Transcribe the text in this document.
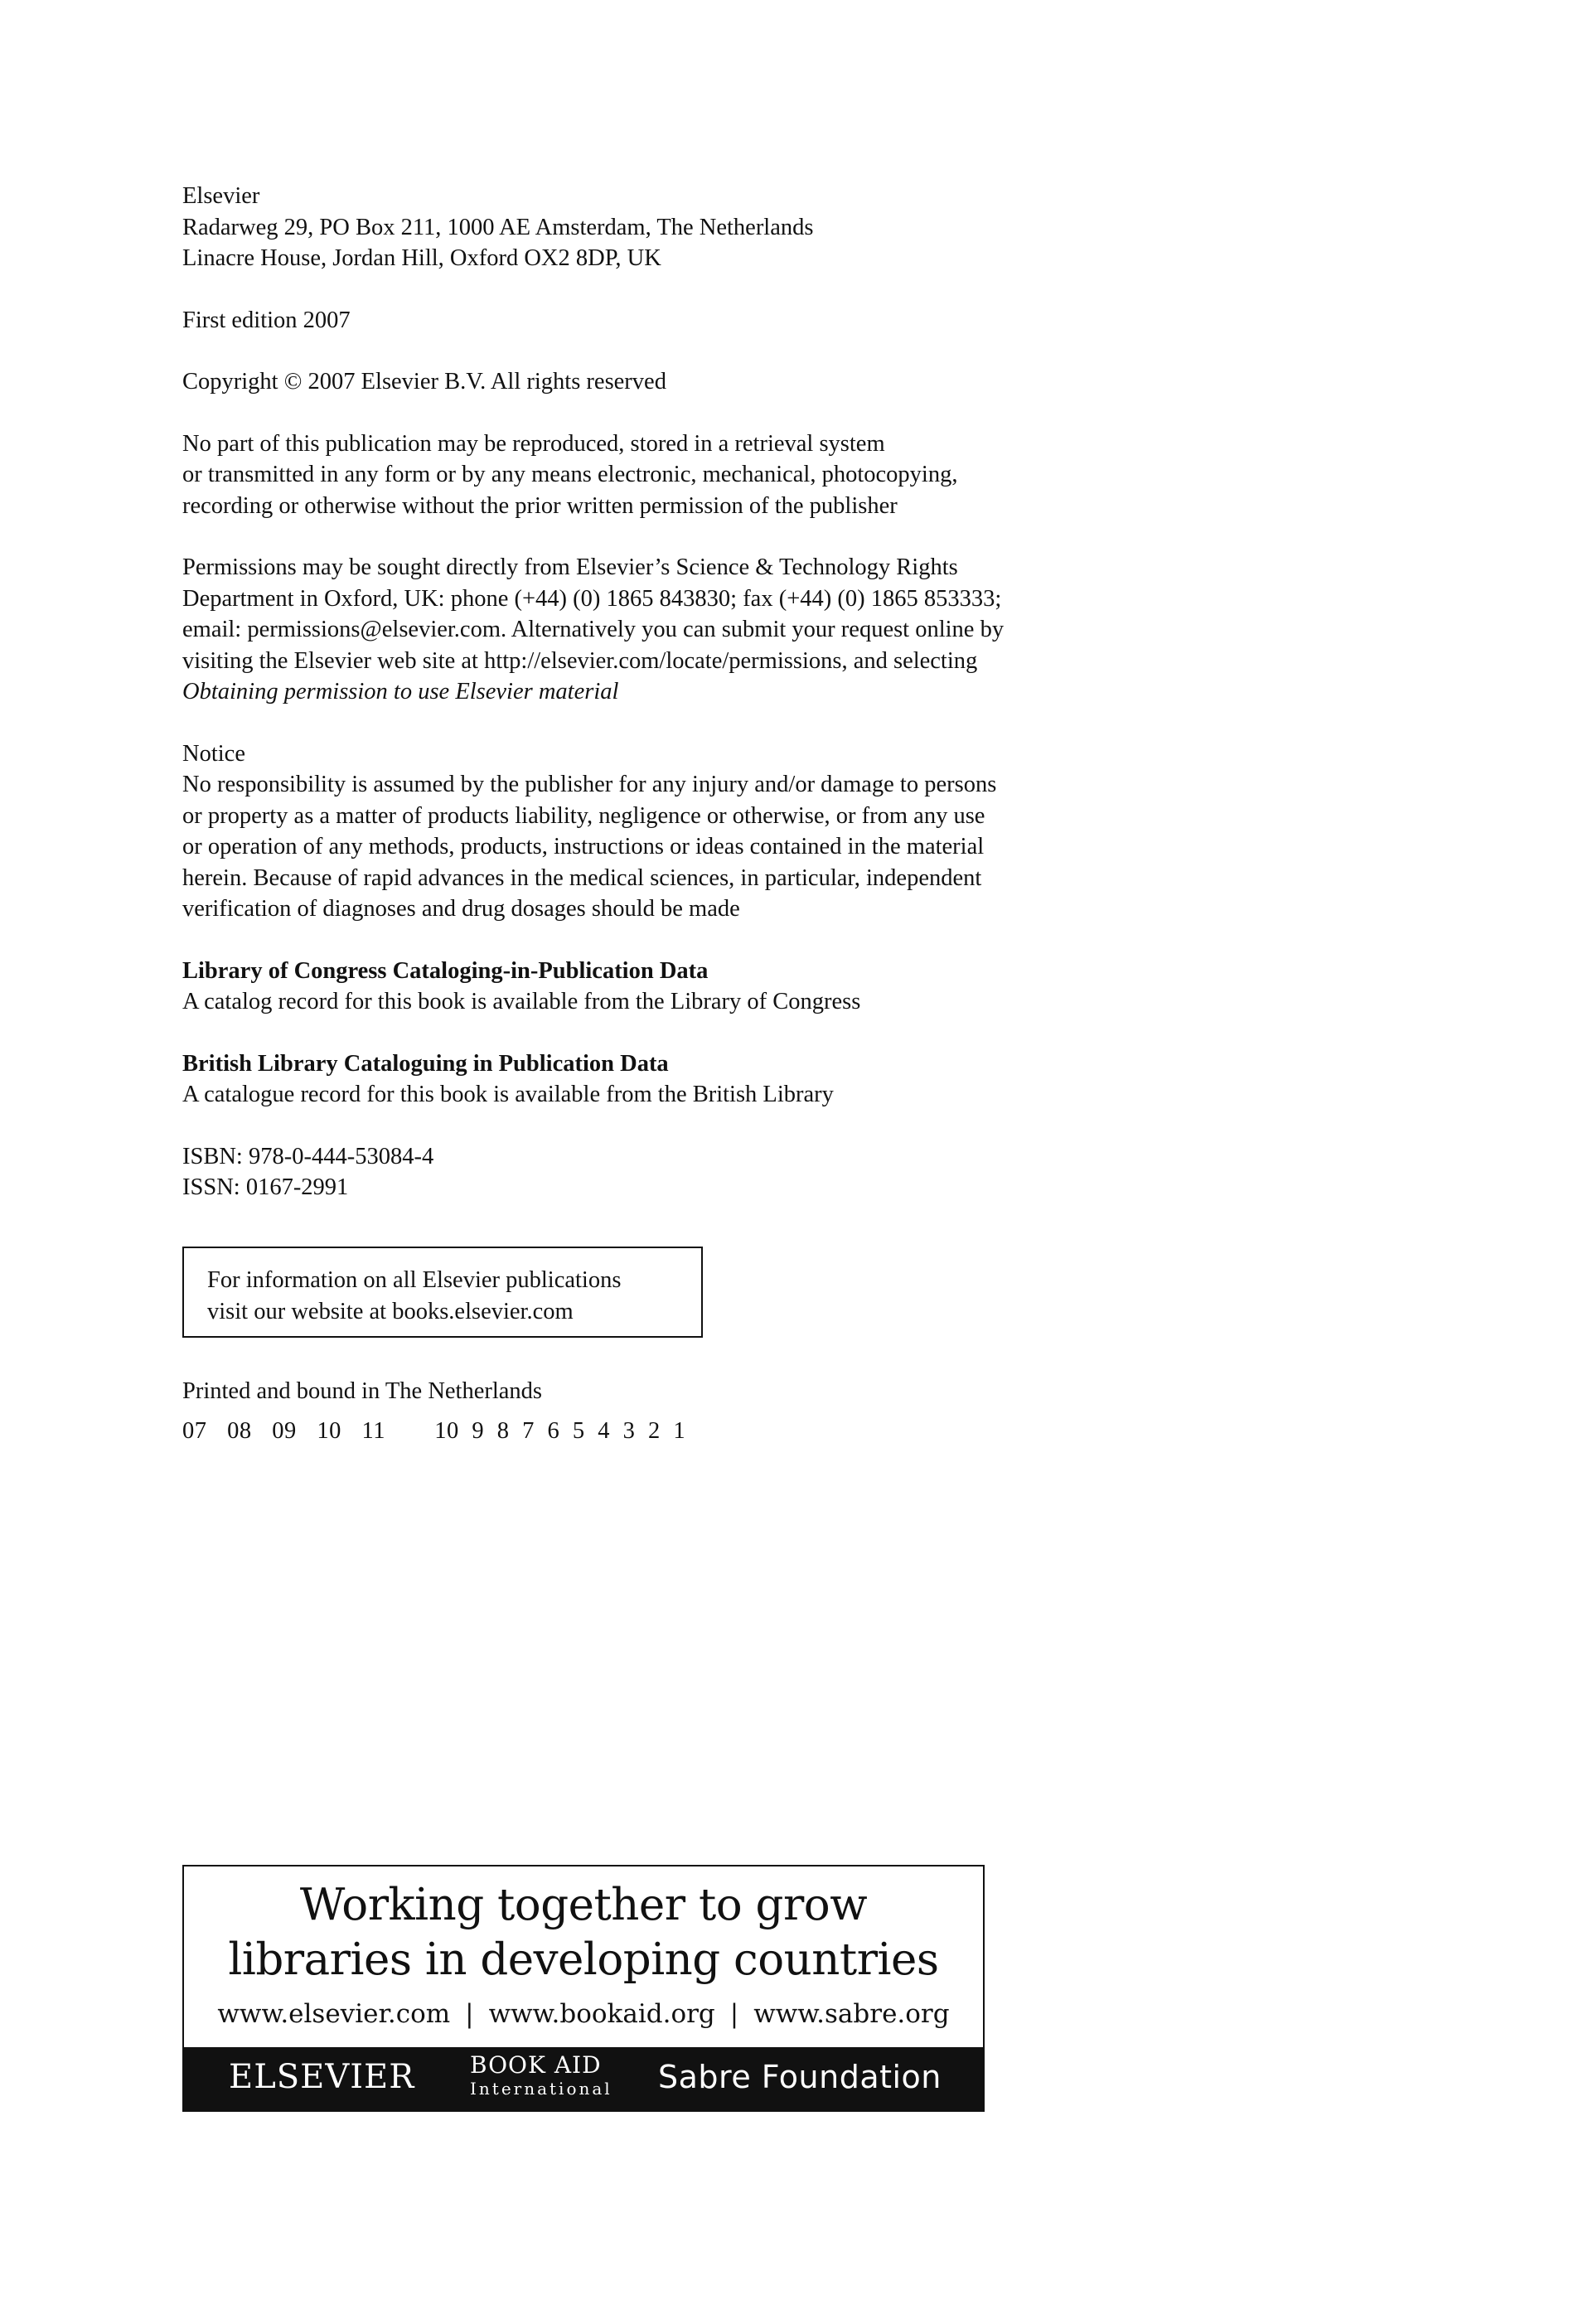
Elsevier
Radarweg 29, PO Box 211, 1000 AE Amsterdam, The Netherlands
Linacre House, Jordan Hill, Oxford OX2 8DP, UK

First edition 2007

Copyright © 2007 Elsevier B.V. All rights reserved

No part of this publication may be reproduced, stored in a retrieval system
or transmitted in any form or by any means electronic, mechanical, photocopying,
recording or otherwise without the prior written permission of the publisher

Permissions may be sought directly from Elsevier’s Science & Technology Rights
Department in Oxford, UK: phone (+44) (0) 1865 843830; fax (+44) (0) 1865 853333;
email: permissions@elsevier.com. Alternatively you can submit your request online by
visiting the Elsevier web site at http://elsevier.com/locate/permissions, and selecting
Obtaining permission to use Elsevier material

Notice
No responsibility is assumed by the publisher for any injury and/or damage to persons
or property as a matter of products liability, negligence or otherwise, or from any use
or operation of any methods, products, instructions or ideas contained in the material
herein. Because of rapid advances in the medical sciences, in particular, independent
verification of diagnoses and drug dosages should be made

Library of Congress Cataloging-in-Publication Data
A catalog record for this book is available from the Library of Congress

British Library Cataloguing in Publication Data
A catalogue record for this book is available from the British Library

ISBN: 978-0-444-53084-4
ISSN: 0167-2991

For information on all Elsevier publications
visit our website at books.elsevier.com
Printed and bound in The Netherlands
07 08 09 10 11 10 9 8 7 6 5 4 3 2 1
Working together to grow
libraries in developing countries
www.elsevier.com | www.bookaid.org | www.sabre.org
ELSEVIER BOOK AID
International Sabre Foundation
